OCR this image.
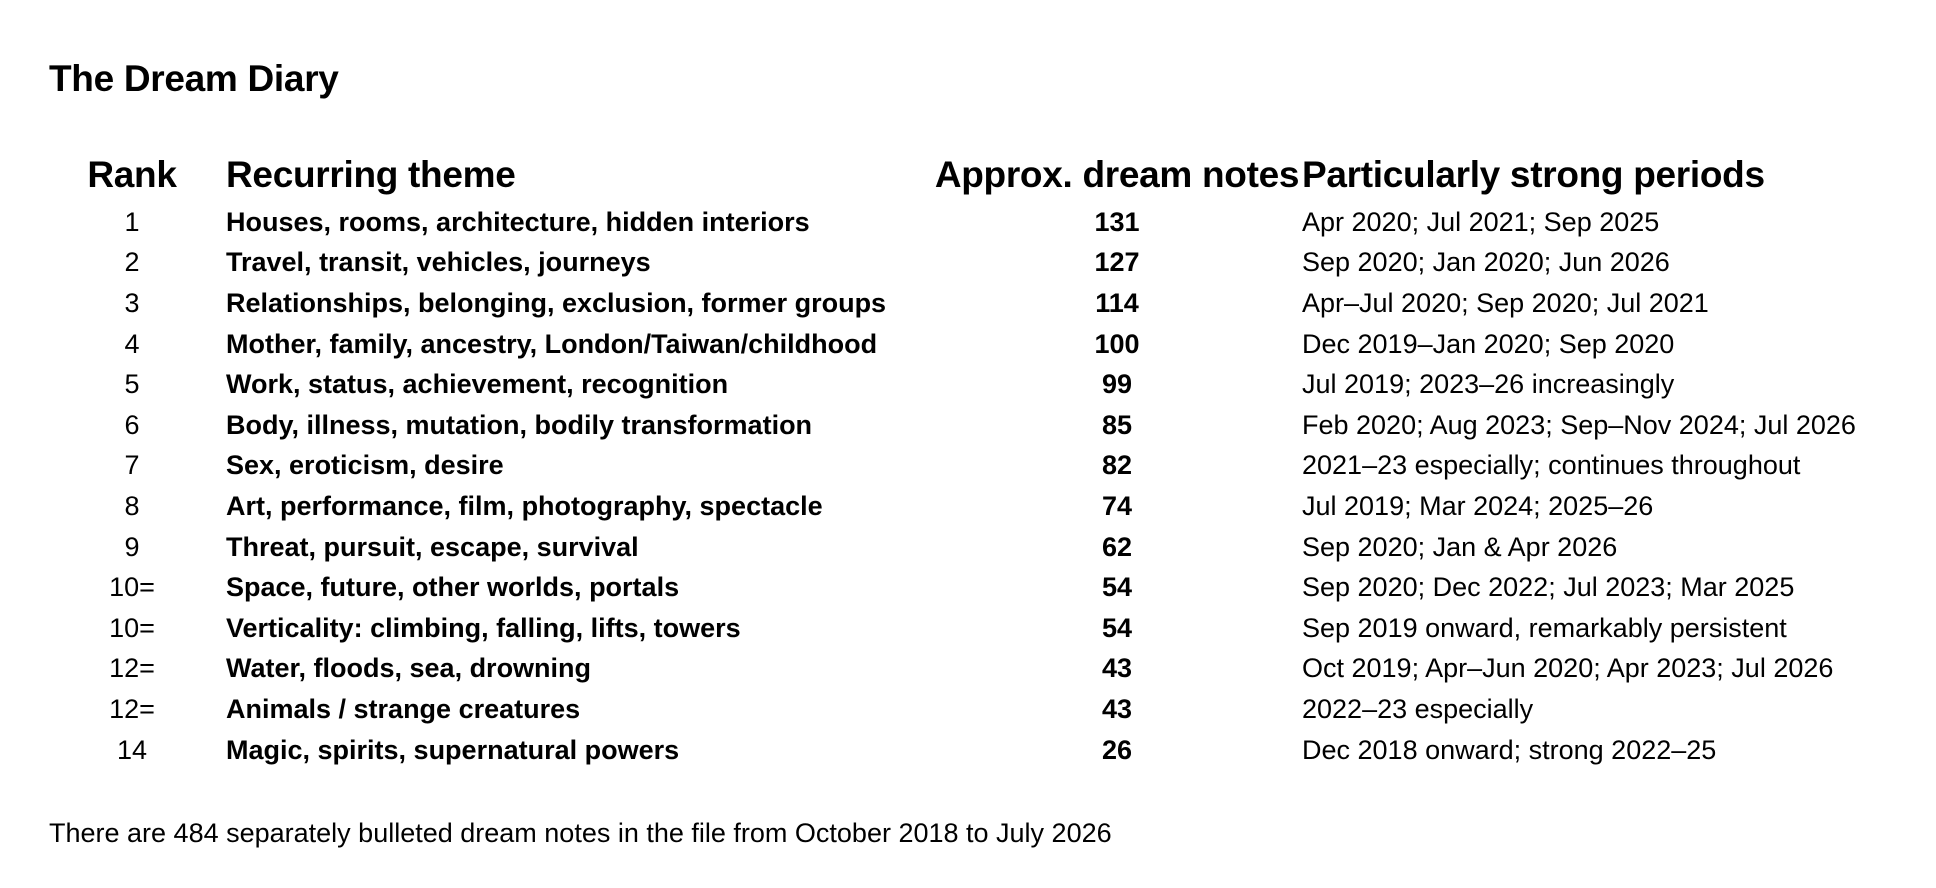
The Dream Diary
Rank	Recurring theme	Approx. dream notes	Particularly strong periods
1	Houses, rooms, architecture, hidden interiors	131	Apr 2020; Jul 2021; Sep 2025
2	Travel, transit, vehicles, journeys	127	Sep 2020; Jan 2020; Jun 2026
3	Relationships, belonging, exclusion, former groups	114	Apr–Jul 2020; Sep 2020; Jul 2021
4	Mother, family, ancestry, London/Taiwan/childhood	100	Dec 2019–Jan 2020; Sep 2020
5	Work, status, achievement, recognition	99	Jul 2019; 2023–26 increasingly
6	Body, illness, mutation, bodily transformation	85	Feb 2020; Aug 2023; Sep–Nov 2024; Jul 2026
7	Sex, eroticism, desire	82	2021–23 especially; continues throughout
8	Art, performance, film, photography, spectacle	74	Jul 2019; Mar 2024; 2025–26
9	Threat, pursuit, escape, survival	62	Sep 2020; Jan & Apr 2026
10=	Space, future, other worlds, portals	54	Sep 2020; Dec 2022; Jul 2023; Mar 2025
10=	Verticality: climbing, falling, lifts, towers	54	Sep 2019 onward, remarkably persistent
12=	Water, floods, sea, drowning	43	Oct 2019; Apr–Jun 2020; Apr 2023; Jul 2026
12=	Animals / strange creatures	43	2022–23 especially
14	Magic, spirits, supernatural powers	26	Dec 2018 onward; strong 2022–25
There are 484 separately bulleted dream notes in the file from October 2018 to July 2026
